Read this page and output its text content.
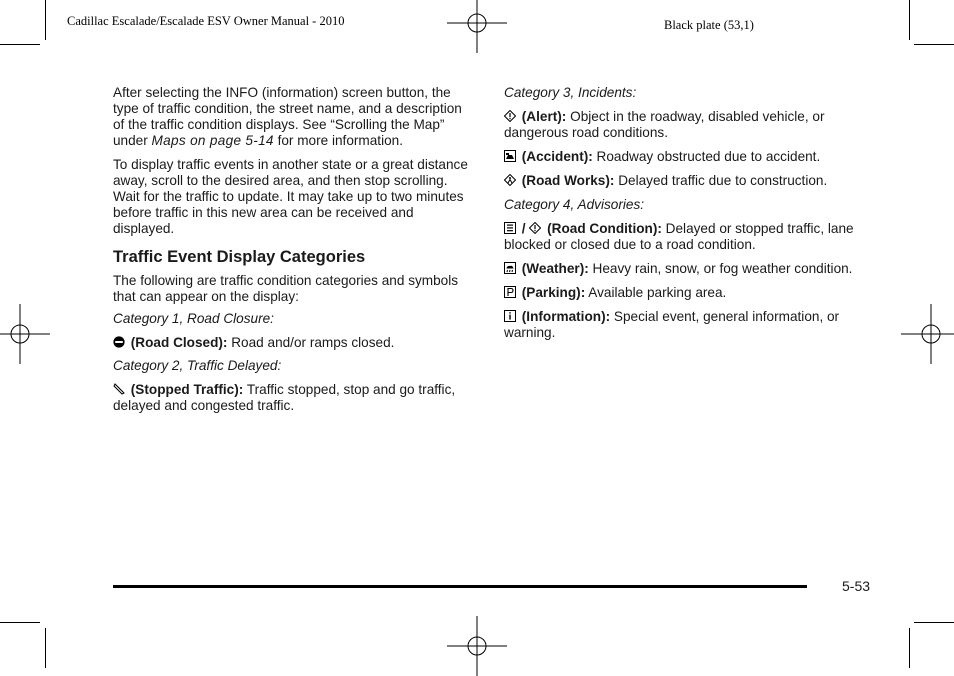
Cadillac Escalade/Escalade ESV Owner Manual - 2010	Black plate (53,1)

After selecting the INFO (information) screen button, the type of traffic condition, the street name, and a description of the traffic condition displays. See “Scrolling the Map” under Maps on page 5‑14 for more information.

To display traffic events in another state or a great distance away, scroll to the desired area, and then stop scrolling. Wait for the traffic to update. It may take up to two minutes before traffic in this new area can be received and displayed.

Traffic Event Display Categories

The following are traffic condition categories and symbols that can appear on the display:

Category 1, Road Closure:

(Road Closed): Road and/or ramps closed.

Category 2, Traffic Delayed:

(Stopped Traffic): Traffic stopped, stop and go traffic, delayed and congested traffic.

Category 3, Incidents:

(Alert): Object in the roadway, disabled vehicle, or dangerous road conditions.

(Accident): Roadway obstructed due to accident.

(Road Works): Delayed traffic due to construction.

Category 4, Advisories:

/
(Road Condition): Delayed or stopped traffic, lane blocked or closed due to a road condition.

(Weather): Heavy rain, snow, or fog weather condition.

(Parking): Available parking area.

(Information): Special event, general information, or warning.

5-53
